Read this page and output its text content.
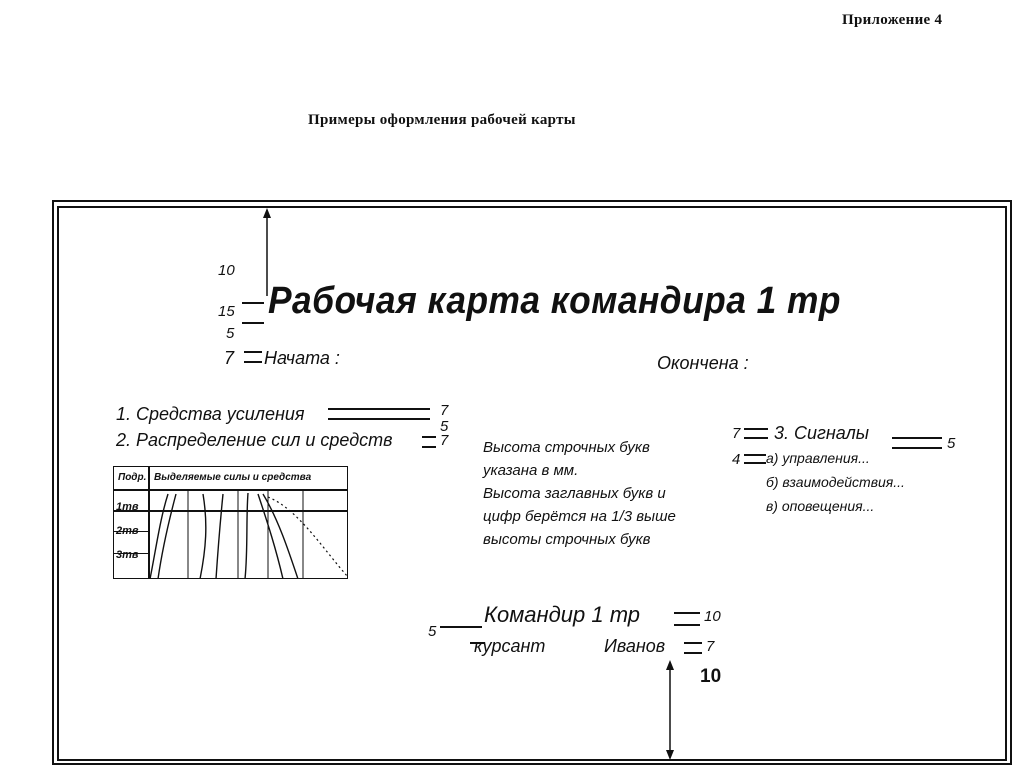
Приложение 4
Примеры оформления рабочей карты
10
15
5
Рабочая карта командира 1 тр
7 Начата :	Окончена :
1. Средства усиления	7
5
2. Распределение сил и средств	7
Подр. Выделяемые силы и средства
1тв
2тв
3тв
Высота строчных букв
указана в мм.
Высота заглавных букв и
цифр берётся на 1/3 выше
высоты строчных букв
7 3. Сигналы
5
4 а) управления...
б) взаимодействия...
в) оповещения...
5
Командир 1 тр	10
курсант	Иванов	7
10
